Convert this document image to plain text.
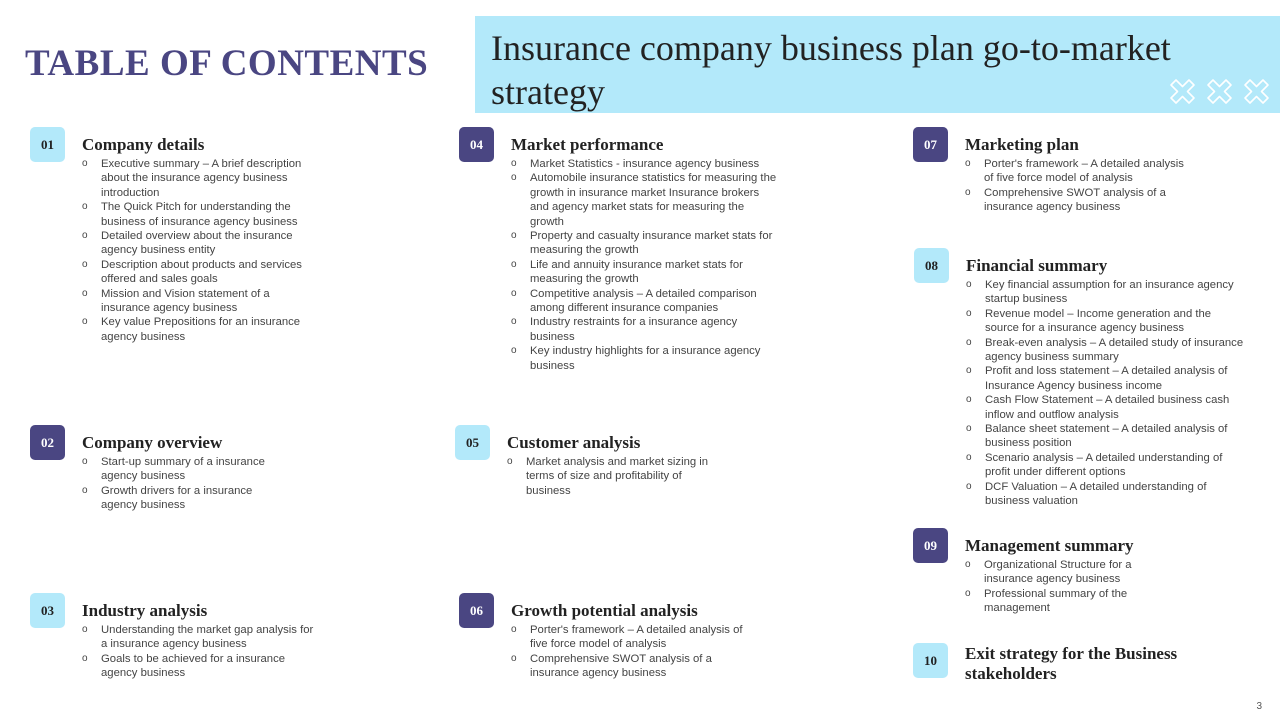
TABLE OF CONTENTS Insurance company business plan go-to-market strategy
01	Company details
o Executive summary – A brief description about the insurance agency business introduction
o The Quick Pitch for understanding the business of insurance agency business
o Detailed overview about the insurance agency business entity
o Description about products and services offered and sales goals
o Mission and Vision statement of a insurance agency business
o Key value Prepositions for an insurance agency business
02	Company overview
o Start-up summary of a insurance agency business
o Growth drivers for a insurance agency business
03	Industry analysis
o Understanding the market gap analysis for a insurance agency business
o Goals to be achieved for a insurance agency business
04	Market performance
o Market Statistics - insurance agency business
o Automobile insurance statistics for measuring the growth in insurance market Insurance brokers and agency market stats for measuring the growth
o Property and casualty insurance market stats for measuring the growth
o Life and annuity insurance market stats for measuring the growth
o Competitive analysis – A detailed comparison among different insurance companies
o Industry restraints for a insurance agency business
o Key industry highlights for a insurance agency business
05	Customer analysis
o Market analysis and market sizing in terms of size and profitability of business
06	Growth potential analysis
o Porter's framework – A detailed analysis of five force model of analysis
o Comprehensive SWOT analysis of a insurance agency business
07	Marketing plan
o Porter's framework – A detailed analysis of five force model of analysis
o Comprehensive SWOT analysis of a insurance agency business
08	Financial summary
o Key financial assumption for an insurance agency startup business
o Revenue model – Income generation and the source for a insurance agency business
o Break-even analysis – A detailed study of insurance agency business summary
o Profit and loss statement – A detailed analysis of Insurance Agency business income
o Cash Flow Statement – A detailed business cash inflow and outflow analysis
o Balance sheet statement – A detailed analysis of business position
o Scenario analysis – A detailed understanding of profit under different options
o DCF Valuation – A detailed understanding of business valuation
09	Management summary
o Organizational Structure for a insurance agency business
o Professional summary of the management
10	Exit strategy for the Business stakeholders
3
